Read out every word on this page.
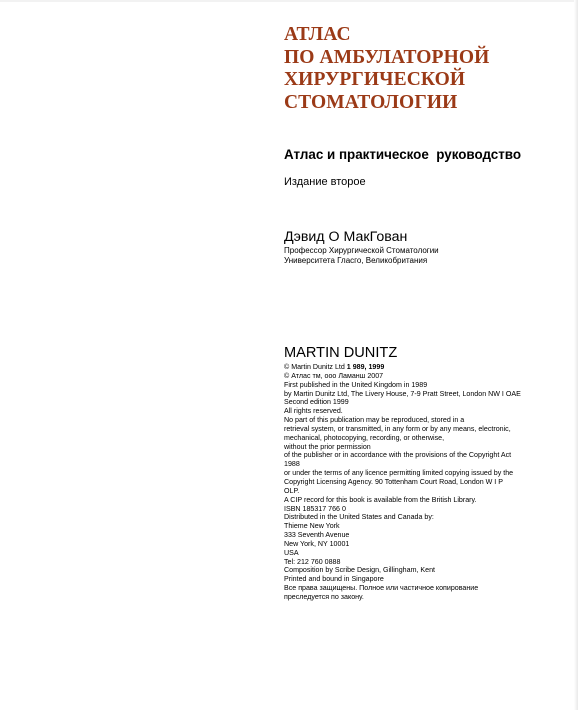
АТЛАС
ПО АМБУЛАТОРНОЙ
ХИРУРГИЧЕСКОЙ
СТОМАТОЛОГИИ
Атлас и практическое  руководство
Издание второе
Дэвид О МакГован
Профессор Хирургической Стоматологии
Университета Гласго, Великобритания
MARTIN DUNITZ
© Martin Dunitz Ltd 1 989, 1999
© Атлас тм, ооо Ламанш 2007
First published in the United Kingdom in 1989
by Martin Dunitz Ltd, The Livery House, 7-9 Pratt Street, London NW I OAE
Second edition 1999
All rights reserved.
No part of this publication may be reproduced, stored in a
retrieval system, or transmitted, in any form or by any means, electronic,
mechanical, photocopying, recording, or otherwise,
without the prior permission
of the publisher or in accordance with the provisions of the Copyright Act
1988
or under the terms of any licence permitting limited copying issued by the
Copyright Licensing Agency. 90 Tottenham Court Road, London W I P
OLP.
A CIP record for this book is available from the British Library.
ISBN 185317 766 0
Distributed in the United States and Canada by:
Thieme New York
333 Seventh Avenue
New York, NY 10001
USA
Tel: 212 760 0888
Composition by Scribe Design, Gillingham, Kent
Printed and bound in Singapore
Все права защищены. Полное или частичное копирование
преследуется по закону.
